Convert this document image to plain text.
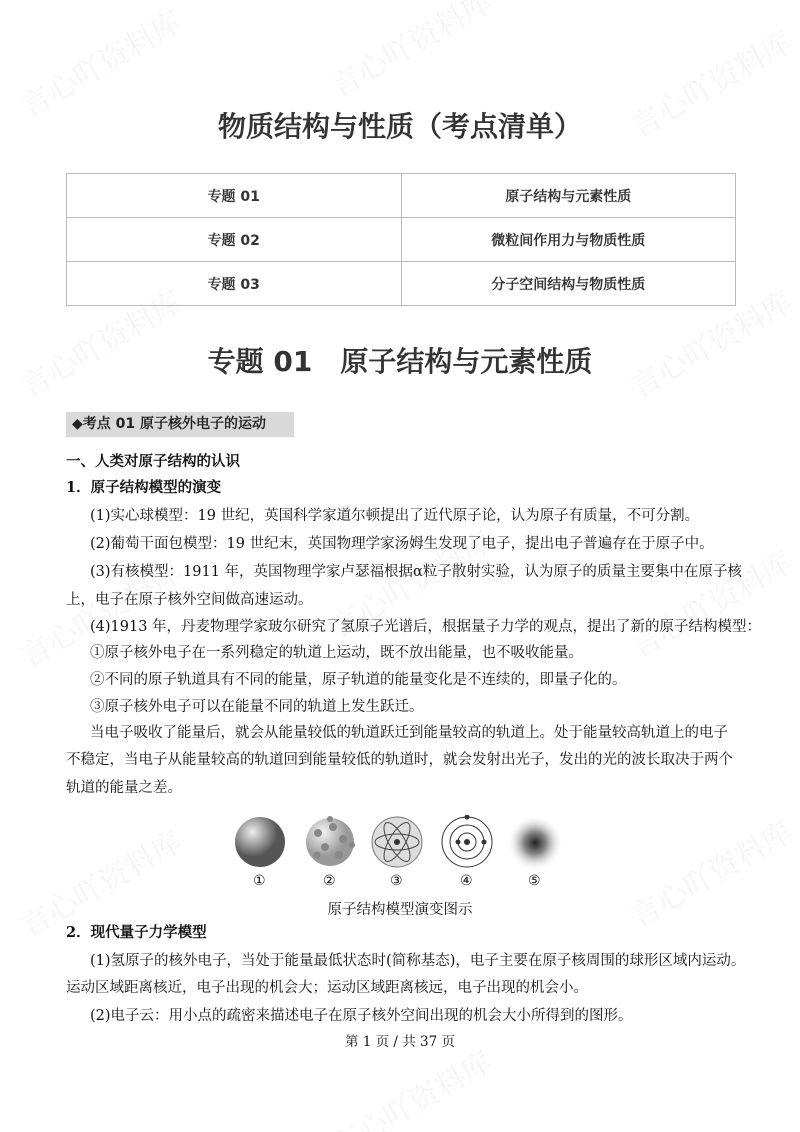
物质结构与性质（考点清单）
专题 01	原子结构与元素性质
专题 02	微粒间作用力与物质性质
专题 03	分子空间结构与物质性质
专题 01　原子结构与元素性质
◆考点 01 原子核外电子的运动
一、人类对原子结构的认识
1．原子结构模型的演变
(1)实心球模型：19 世纪，英国科学家道尔顿提出了近代原子论，认为原子有质量，不可分割。
(2)葡萄干面包模型：19 世纪末，英国物理学家汤姆生发现了电子，提出电子普遍存在于原子中。
(3)有核模型：1911 年，英国物理学家卢瑟福根据α粒子散射实验，认为原子的质量主要集中在原子核
上，电子在原子核外空间做高速运动。
(4)1913 年，丹麦物理学家玻尔研究了氢原子光谱后，根据量子力学的观点，提出了新的原子结构模型：
①原子核外电子在一系列稳定的轨道上运动，既不放出能量，也不吸收能量。
②不同的原子轨道具有不同的能量，原子轨道的能量变化是不连续的，即量子化的。
③原子核外电子可以在能量不同的轨道上发生跃迁。
当电子吸收了能量后，就会从能量较低的轨道跃迁到能量较高的轨道上。处于能量较高轨道上的电子
不稳定，当电子从能量较高的轨道回到能量较低的轨道时，就会发射出光子，发出的光的波长取决于两个
轨道的能量之差。
①	②	③	④	⑤
原子结构模型演变图示
2．现代量子力学模型
(1)氢原子的核外电子，当处于能量最低状态时(简称基态)，电子主要在原子核周围的球形区域内运动。
运动区域距离核近，电子出现的机会大；运动区域距离核远，电子出现的机会小。
(2)电子云：用小点的疏密来描述电子在原子核外空间出现的机会大小所得到的图形。
第 1 页 / 共 37 页
